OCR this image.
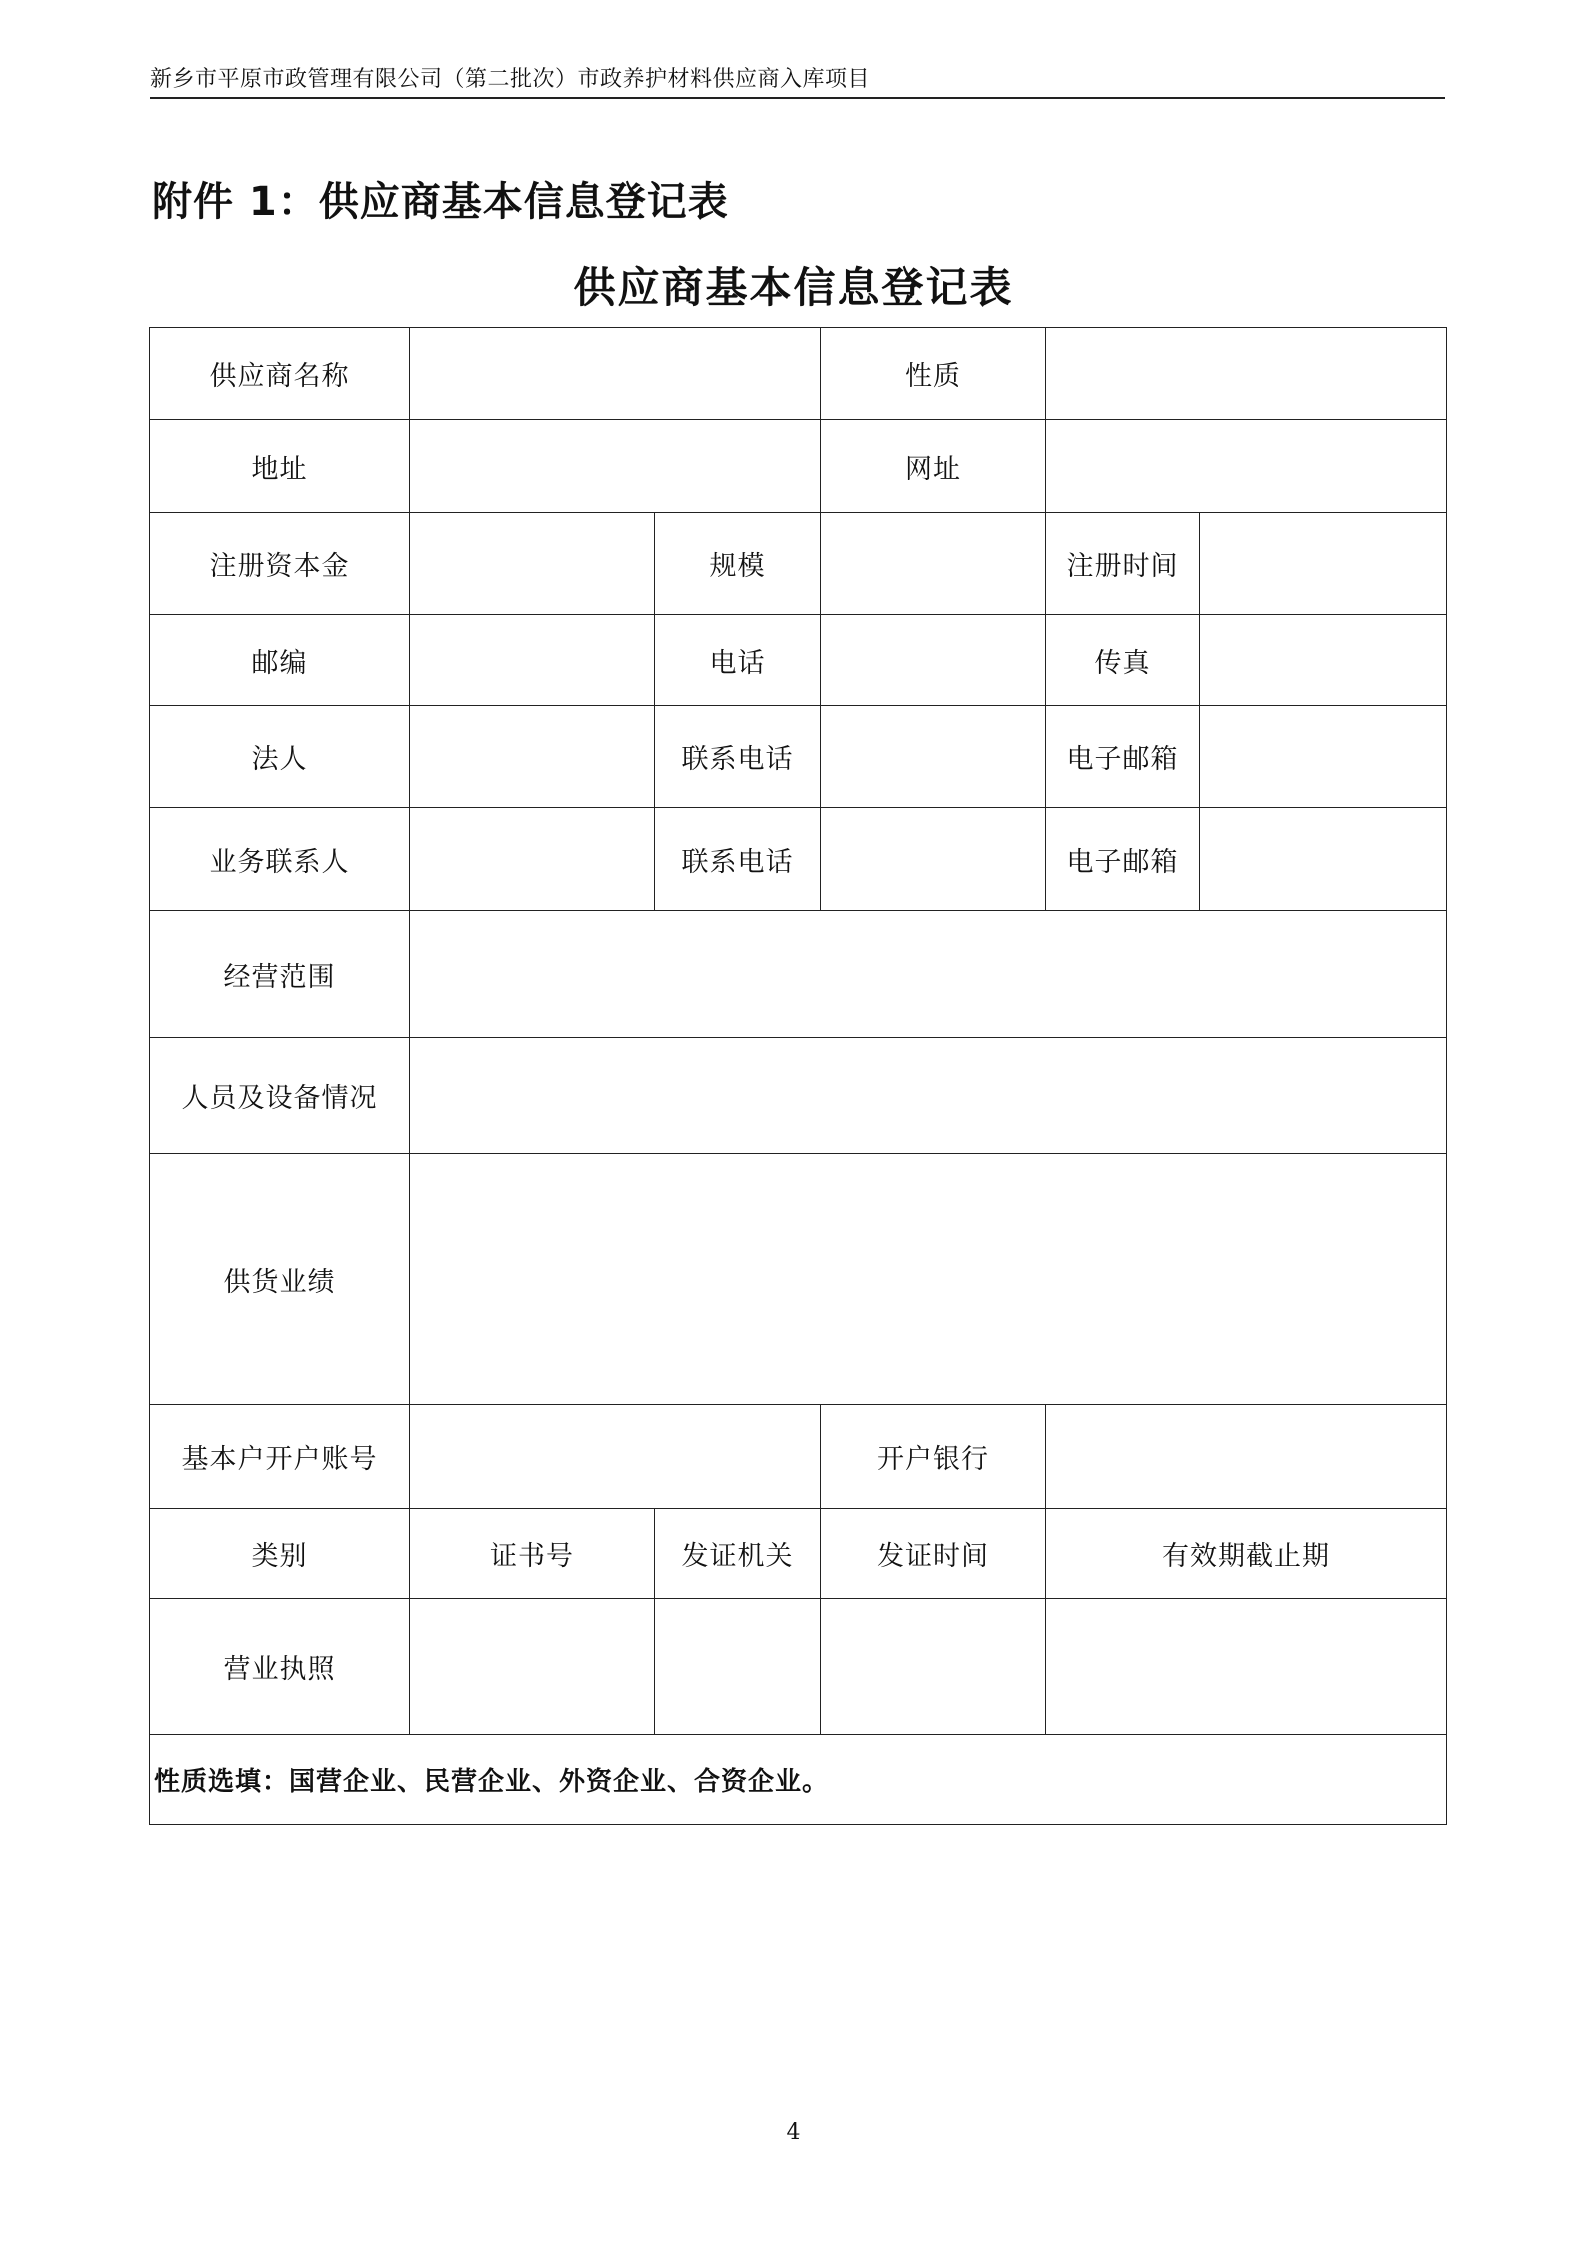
新乡市平原市政管理有限公司（第二批次）市政养护材料供应商入库项目
附件 1：供应商基本信息登记表
供应商基本信息登记表
供应商名称			性质		
地址			网址		
注册资本金		规模		注册时间	
邮编		电话		传真	
法人		联系电话		电子邮箱	
业务联系人		联系电话		电子邮箱	
经营范围					
人员及设备情况					
供货业绩					
基本户开户账号			开户银行		
类别	证书号	发证机关	发证时间	有效期截止期	
营业执照					
性质选填：国营企业、民营企业、外资企业、合资企业。					
4
